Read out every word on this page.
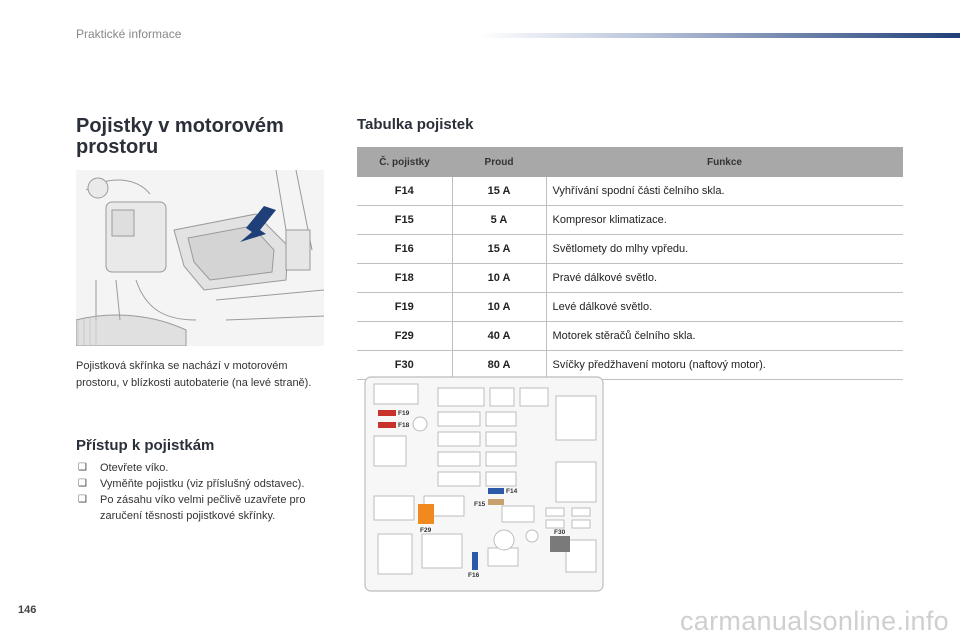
Praktické informace
Pojistky v motorovém prostoru
Pojistková skřínka se nachází v motorovém prostoru, v blízkosti autobaterie (na levé straně).
Přístup k pojistkám
❑ Otevřete víko.
❑ Vyměňte pojistku (viz příslušný odstavec).
❑ Po zásahu víko velmi pečlivě uzavřete pro zaručení těsnosti pojistkové skřínky.
Tabulka pojistek
Č. pojistky	Proud	Funkce
F14	15 A	Vyhřívání spodní části čelního skla.
F15	5 A	Kompresor klimatizace.
F16	15 A	Světlomety do mlhy vpředu.
F18	10 A	Pravé dálkové světlo.
F19	10 A	Levé dálkové světlo.
F29	40 A	Motorek stěračů čelního skla.
F30	80 A	Svíčky předžhavení motoru (naftový motor).
F19
F18
F14
F15
F29	F30
F16
146	carmanualsonline.info
